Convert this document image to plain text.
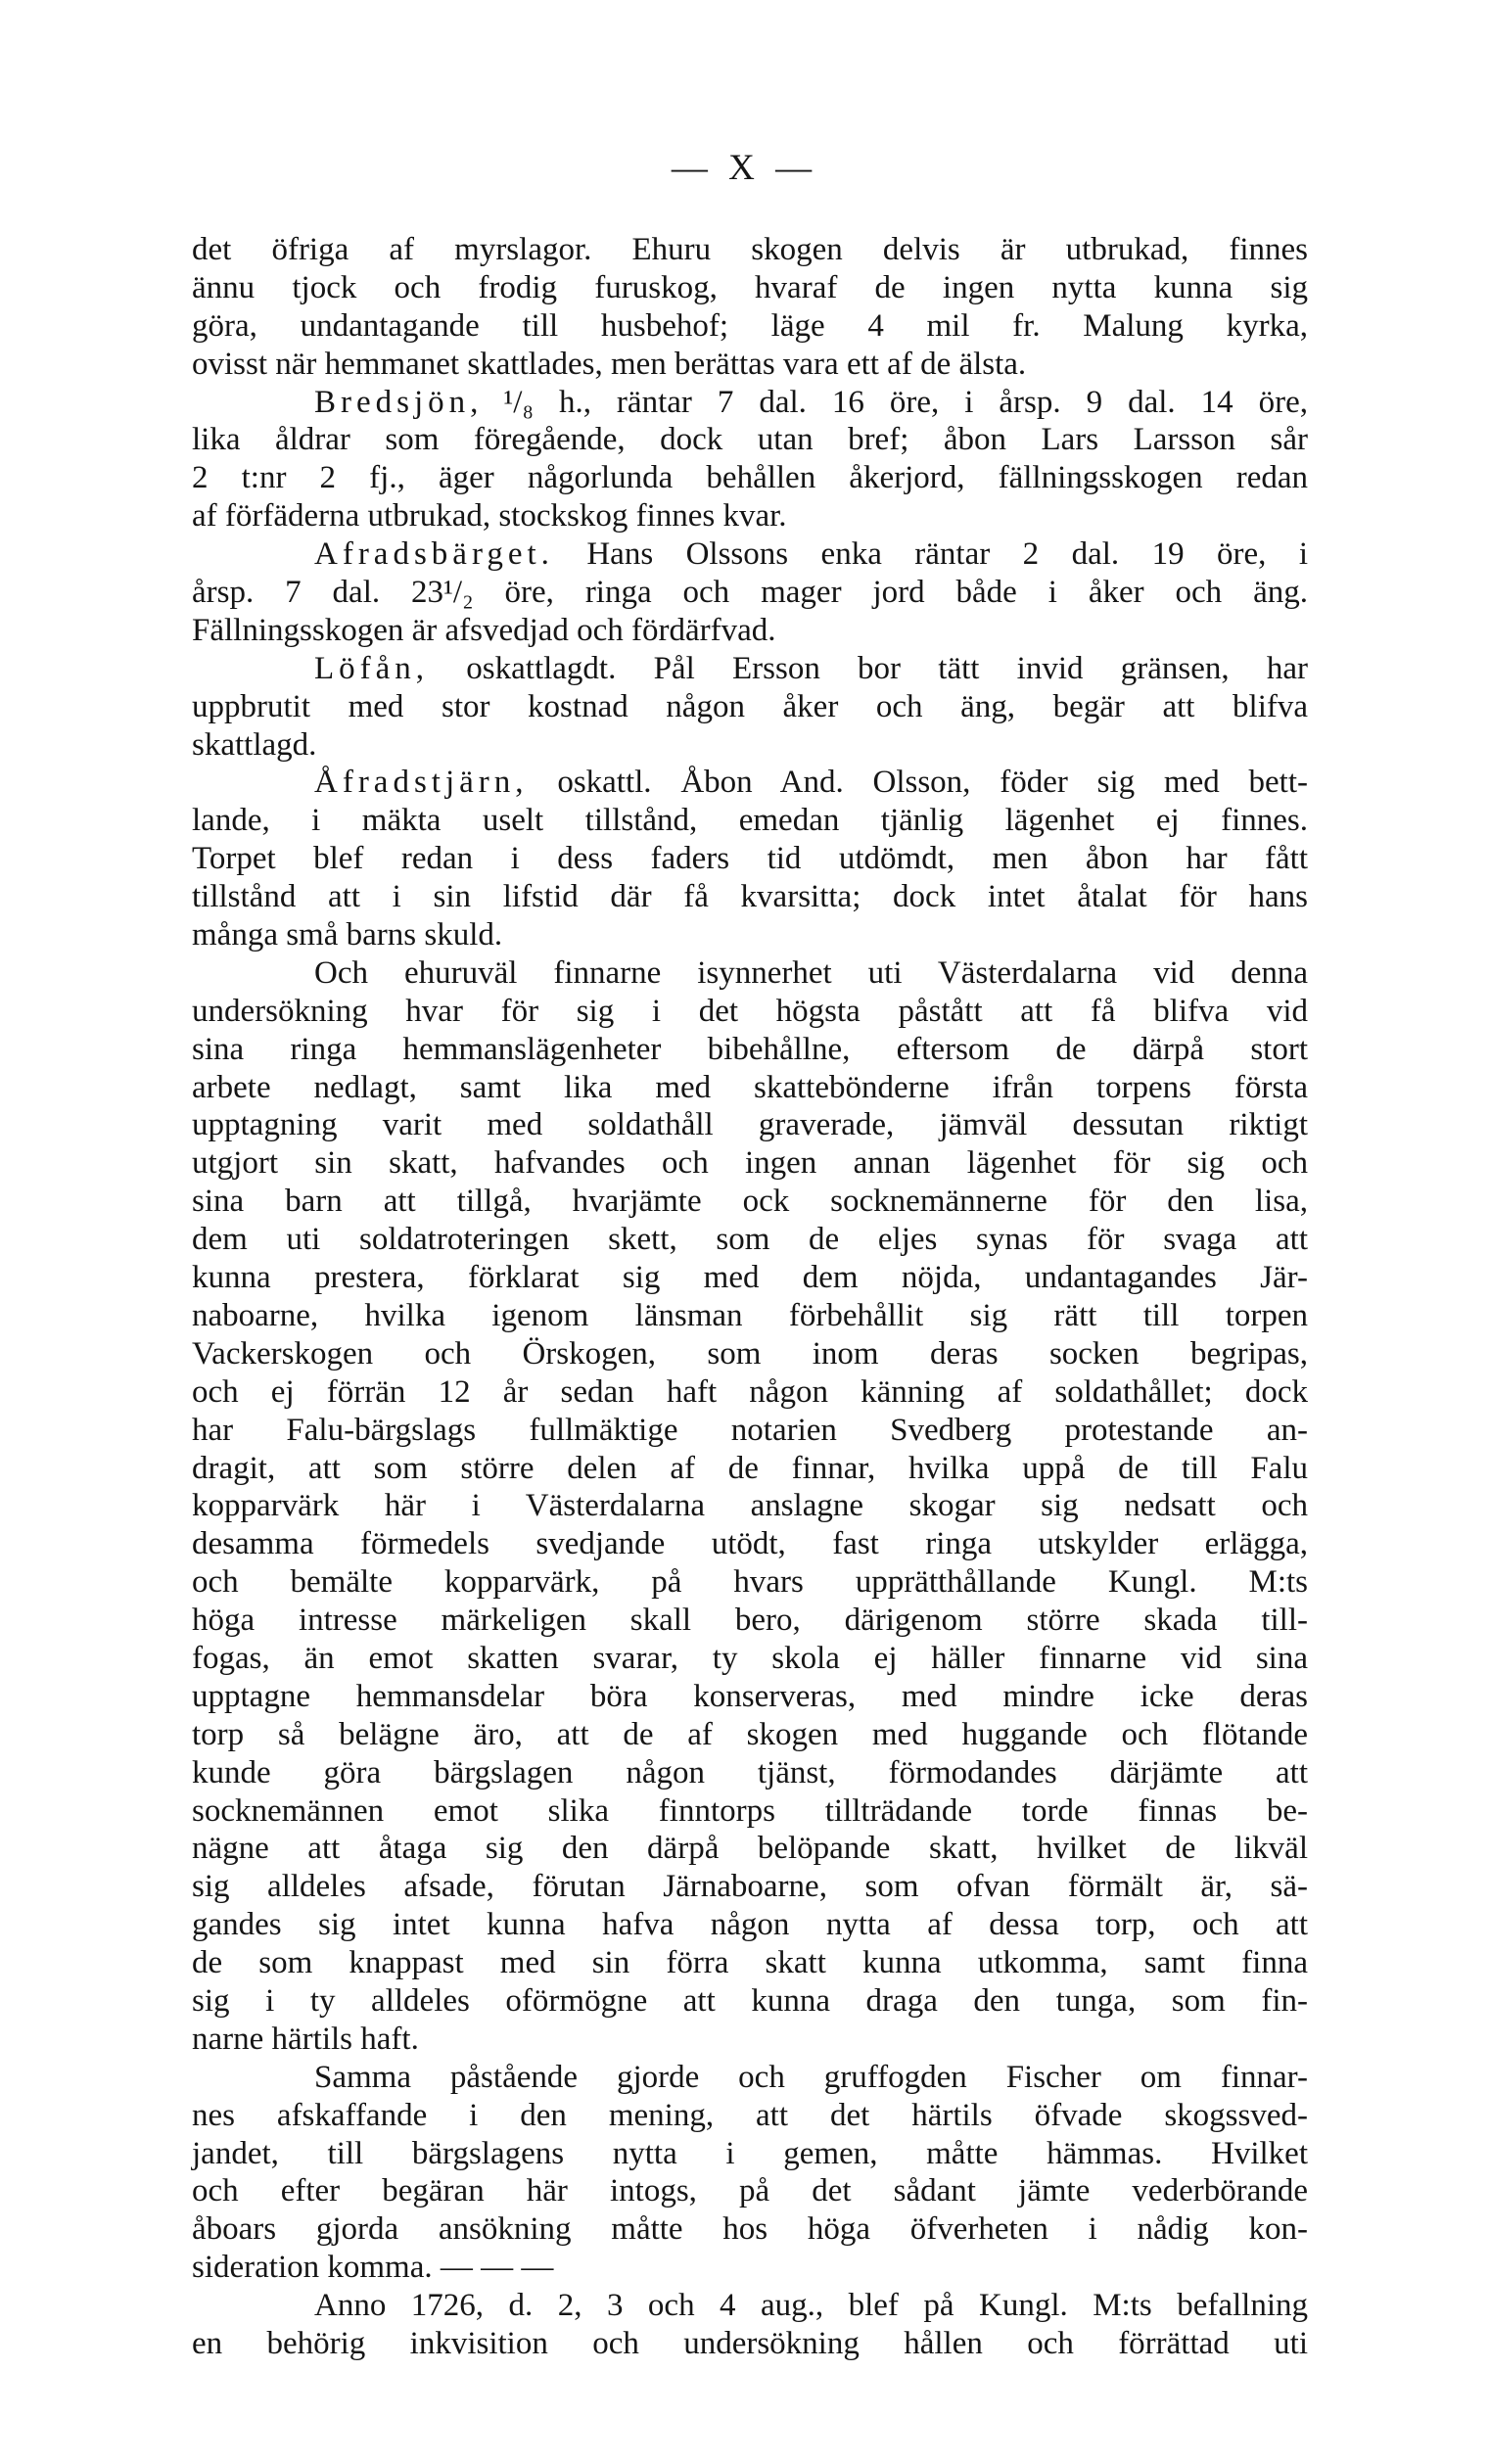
— X —
det öfriga af myrslagor. Ehuru skogen delvis är utbrukad, finnes
ännu tjock och frodig furuskog, hvaraf de ingen nytta kunna sig
göra, undantagande till husbehof; läge 4 mil fr. Malung kyrka,
ovisst när hemmanet skattlades, men berättas vara ett af de älsta.
Bredsjön, ¹/₈ h., räntar 7 dal. 16 öre, i årsp. 9 dal. 14 öre,
lika åldrar som föregående, dock utan bref; åbon Lars Larsson sår
2 t:nr 2 fj., äger någorlunda behållen åkerjord, fällningsskogen redan
af förfäderna utbrukad, stockskog finnes kvar.
Afradsbärget. Hans Olssons enka räntar 2 dal. 19 öre, i
årsp. 7 dal. 23¹/₂ öre, ringa och mager jord både i åker och äng.
Fällningsskogen är afsvedjad och fördärfvad.
Löfån, oskattlagdt. Pål Ersson bor tätt invid gränsen, har
uppbrutit med stor kostnad någon åker och äng, begär att blifva
skattlagd.
Åfradstjärn, oskattl. Åbon And. Olsson, föder sig med bett-
lande, i mäkta uselt tillstånd, emedan tjänlig lägenhet ej finnes.
Torpet blef redan i dess faders tid utdömdt, men åbon har fått
tillstånd att i sin lifstid där få kvarsitta; dock intet åtalat för hans
många små barns skuld.
Och ehuruväl finnarne isynnerhet uti Västerdalarna vid denna
undersökning hvar för sig i det högsta påstått att få blifva vid
sina ringa hemmanslägenheter bibehållne, eftersom de därpå stort
arbete nedlagt, samt lika med skattebönderne ifrån torpens första
upptagning varit med soldathåll graverade, jämväl dessutan riktigt
utgjort sin skatt, hafvandes och ingen annan lägenhet för sig och
sina barn att tillgå, hvarjämte ock socknemännerne för den lisa,
dem uti soldatroteringen skett, som de eljes synas för svaga att
kunna prestera, förklarat sig med dem nöjda, undantagandes Jär-
naboarne, hvilka igenom länsman förbehållit sig rätt till torpen
Vackerskogen och Örskogen, som inom deras socken begripas,
och ej förrän 12 år sedan haft någon känning af soldathållet; dock
har Falu-bärgslags fullmäktige notarien Svedberg protestande an-
dragit, att som större delen af de finnar, hvilka uppå de till Falu
kopparvärk här i Västerdalarna anslagne skogar sig nedsatt och
desamma förmedels svedjande utödt, fast ringa utskylder erlägga,
och bemälte kopparvärk, på hvars upprätthållande Kungl. M:ts
höga intresse märkeligen skall bero, därigenom större skada till-
fogas, än emot skatten svarar, ty skola ej häller finnarne vid sina
upptagne hemmansdelar böra konserveras, med mindre icke deras
torp så belägne äro, att de af skogen med huggande och flötande
kunde göra bärgslagen någon tjänst, förmodandes därjämte att
socknemännen emot slika finntorps tillträdande torde finnas be-
nägne att åtaga sig den därpå belöpande skatt, hvilket de likväl
sig alldeles afsade, förutan Järnaboarne, som ofvan förmält är, sä-
gandes sig intet kunna hafva någon nytta af dessa torp, och att
de som knappast med sin förra skatt kunna utkomma, samt finna
sig i ty alldeles oförmögne att kunna draga den tunga, som fin-
narne härtils haft.
Samma påstående gjorde och gruffogden Fischer om finnar-
nes afskaffande i den mening, att det härtils öfvade skogssved-
jandet, till bärgslagens nytta i gemen, måtte hämmas. Hvilket
och efter begäran här intogs, på det sådant jämte vederbörande
åboars gjorda ansökning måtte hos höga öfverheten i nådig kon-
sideration komma. — — —
Anno 1726, d. 2, 3 och 4 aug., blef på Kungl. M:ts befallning
en behörig inkvisition och undersökning hållen och förrättad uti
